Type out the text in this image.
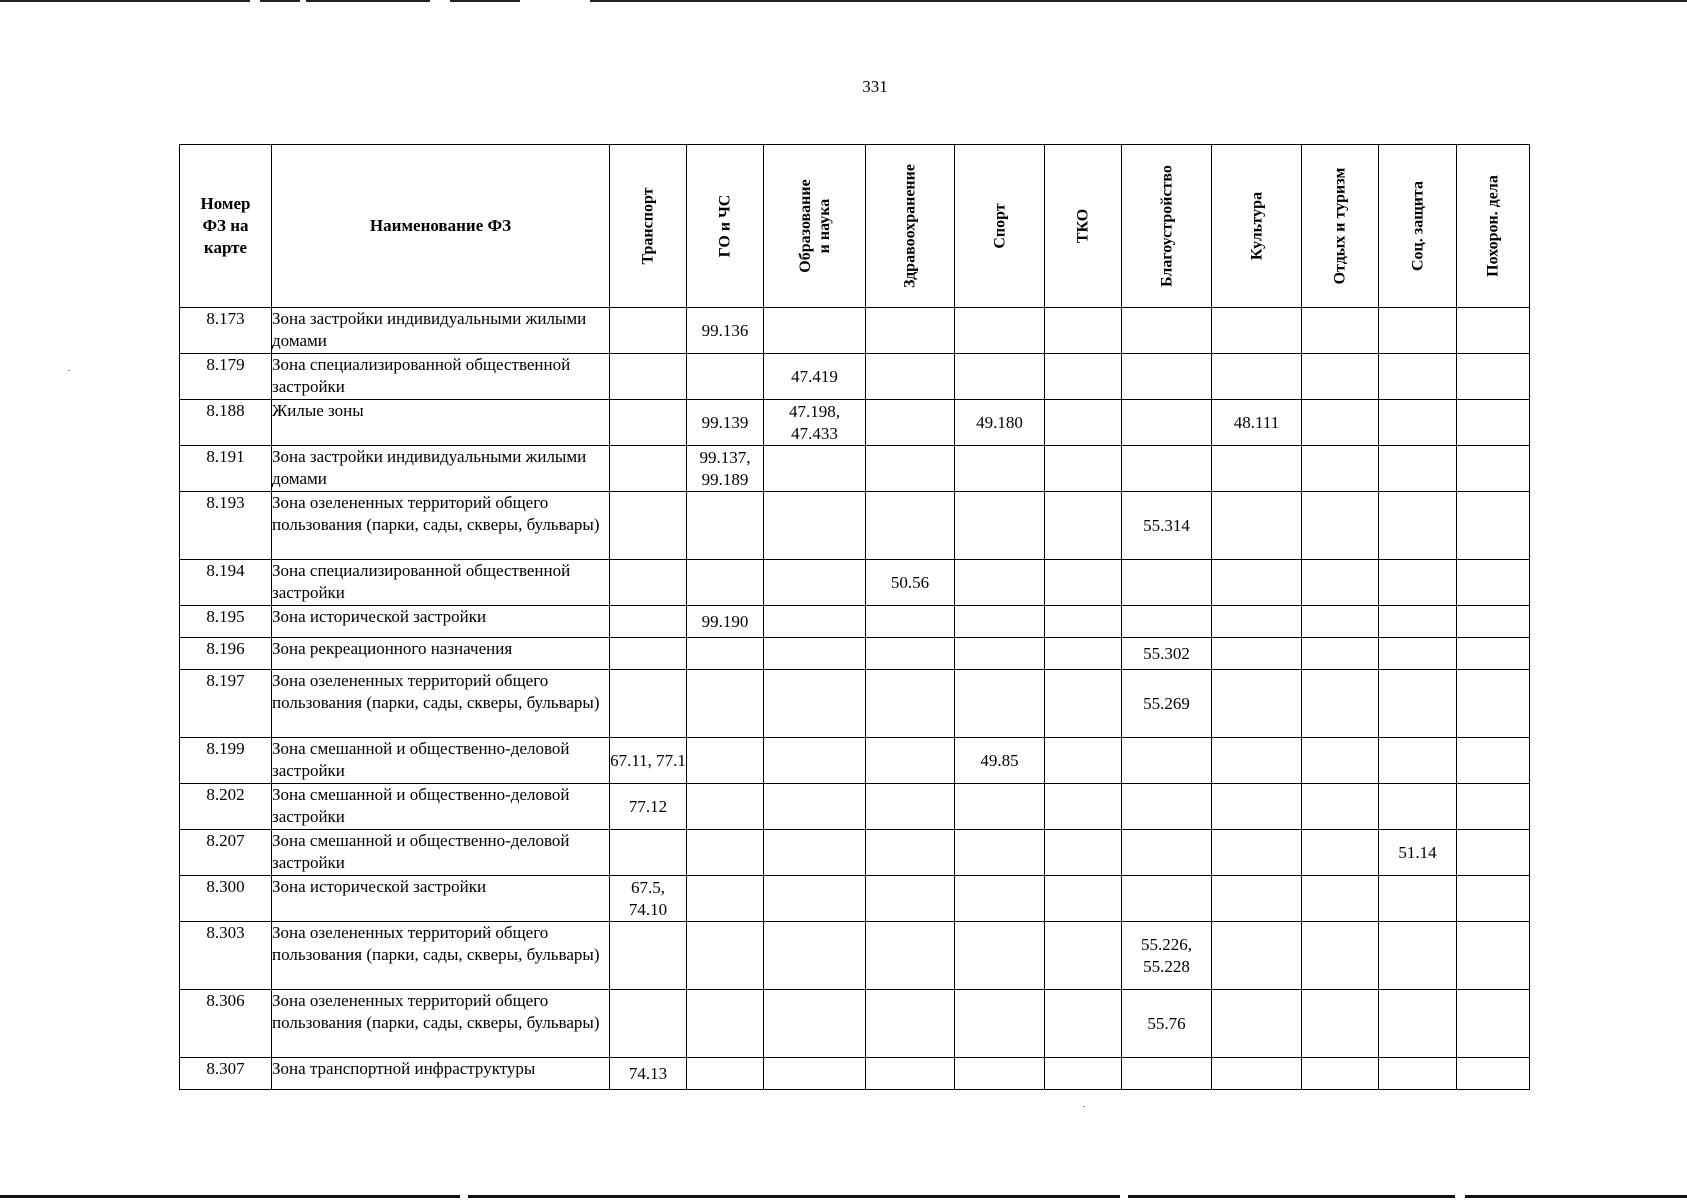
331
Номер
ФЗ на
карте	Наименование ФЗ	Транспорт	ГО и ЧС	Образование и наука	Здравоохранение	Спорт	ТКО	Благоустройство	Культура	Отдых и туризм	Соц. защита	Похорон. дела

8.173	Зона застройки индивидуальными жилыми домами		99.136									
8.179	Зона специализированной общественной застройки			47.419								
8.188	Жилые зоны		99.139	47.198, 47.433		49.180			48.111			
8.191	Зона застройки индивидуальными жилыми домами		99.137, 99.189									
8.193	Зона озелененных территорий общего пользования (парки, сады, скверы, бульвары)							55.314				
8.194	Зона специализированной общественной застройки				50.56							
8.195	Зона исторической застройки		99.190									
8.196	Зона рекреационного назначения							55.302				
8.197	Зона озелененных территорий общего пользования (парки, сады, скверы, бульвары)							55.269				
8.199	Зона смешанной и общественно-деловой застройки	67.11, 77.1				49.85						
8.202	Зона смешанной и общественно-деловой застройки	77.12										
8.207	Зона смешанной и общественно-деловой застройки										51.14	
8.300	Зона исторической застройки	67.5, 74.10										
8.303	Зона озелененных территорий общего пользования (парки, сады, скверы, бульвары)							55.226, 55.228				
8.306	Зона озелененных территорий общего пользования (парки, сады, скверы, бульвары)							55.76				
8.307	Зона транспортной инфраструктуры	74.13										
